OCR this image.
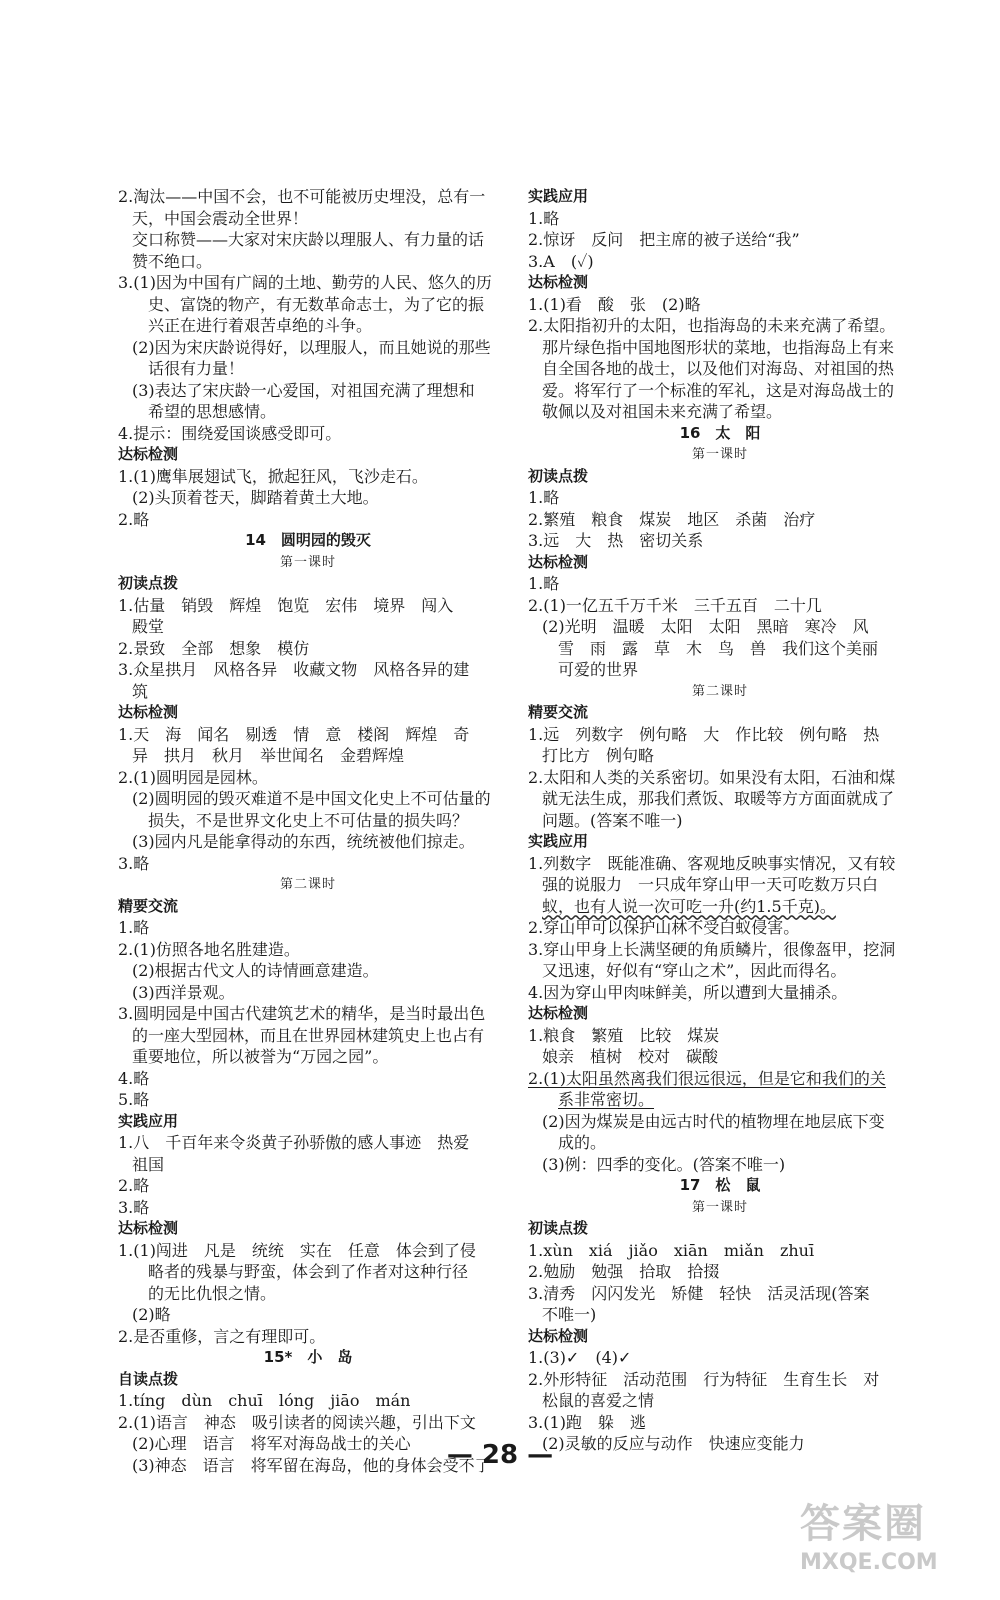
2.淘汰——中国不会，也不可能被历史埋没，总有一
天，中国会震动全世界！
交口称赞——大家对宋庆龄以理服人、有力量的话
赞不绝口。
3.(1)因为中国有广阔的土地、勤劳的人民、悠久的历
史、富饶的物产，有无数革命志士，为了它的振
兴正在进行着艰苦卓绝的斗争。
(2)因为宋庆龄说得好，以理服人，而且她说的那些
话很有力量！
(3)表达了宋庆龄一心爱国，对祖国充满了理想和
希望的思想感情。
4.提示：围绕爱国谈感受即可。
达标检测
1.(1)鹰隼展翅试飞，掀起狂风，飞沙走石。
(2)头顶着苍天，脚踏着黄土大地。
2.略
14　圆明园的毁灭
第一课时
初读点拨
1.估量　销毁　辉煌　饱览　宏伟　境界　闯入
殿堂
2.景致　全部　想象　模仿
3.众星拱月　风格各异　收藏文物　风格各异的建
筑
达标检测
1.天　海　闻名　剔透　情　意　楼阁　辉煌　奇
异　拱月　秋月　举世闻名　金碧辉煌
2.(1)圆明园是园林。
(2)圆明园的毁灭难道不是中国文化史上不可估量的
损失，不是世界文化史上不可估量的损失吗？
(3)园内凡是能拿得动的东西，统统被他们掠走。
3.略
第二课时
精要交流
1.略
2.(1)仿照各地名胜建造。
(2)根据古代文人的诗情画意建造。
(3)西洋景观。
3.圆明园是中国古代建筑艺术的精华，是当时最出色
的一座大型园林，而且在世界园林建筑史上也占有
重要地位，所以被誉为“万园之园”。
4.略
5.略
实践应用
1.八　千百年来令炎黄子孙骄傲的感人事迹　热爱
祖国
2.略
3.略
达标检测
1.(1)闯进　凡是　统统　实在　任意　体会到了侵
略者的残暴与野蛮，体会到了作者对这种行径
的无比仇恨之情。
(2)略
2.是否重修，言之有理即可。
15*　小　岛
自读点拨
1.tíng　dùn　chuī　lóng　jiāo　mán
2.(1)语言　神态　吸引读者的阅读兴趣，引出下文
(2)心理　语言　将军对海岛战士的关心
(3)神态　语言　将军留在海岛，他的身体会受不了
实践应用
1.略
2.惊讶　反问　把主席的被子送给“我”
3.A　(✓)
达标检测
1.(1)看　酸　张　(2)略
2.太阳指初升的太阳，也指海岛的未来充满了希望。
那片绿色指中国地图形状的菜地，也指海岛上有来
自全国各地的战士，以及他们对海岛、对祖国的热
爱。将军行了一个标准的军礼，这是对海岛战士的
敬佩以及对祖国未来充满了希望。
16　太　阳
第一课时
初读点拨
1.略
2.繁殖　粮食　煤炭　地区　杀菌　治疗
3.远　大　热　密切关系
达标检测
1.略
2.(1)一亿五千万千米　三千五百　二十几
(2)光明　温暖　太阳　太阳　黑暗　寒冷　风
雪　雨　露　草　木　鸟　兽　我们这个美丽
可爱的世界
第二课时
精要交流
1.远　列数字　例句略　大　作比较　例句略　热
打比方　例句略
2.太阳和人类的关系密切。如果没有太阳，石油和煤
就无法生成，那我们煮饭、取暖等方方面面就成了
问题。(答案不唯一)
实践应用
1.列数字　既能准确、客观地反映事实情况，又有较
强的说服力　一只成年穿山甲一天可吃数万只白
蚁，也有人说一次可吃一升(约1.5千克)。
2.穿山甲可以保护山林不受白蚁侵害。
3.穿山甲身上长满坚硬的角质鳞片，很像盔甲，挖洞
又迅速，好似有“穿山之术”，因此而得名。
4.因为穿山甲肉味鲜美，所以遭到大量捕杀。
达标检测
1.粮食　繁殖　比较　煤炭
娘亲　植树　校对　碳酸
2.(1)太阳虽然离我们很远很远，但是它和我们的关
系非常密切。
(2)因为煤炭是由远古时代的植物埋在地层底下变
成的。
(3)例：四季的变化。(答案不唯一)
17　松　鼠
第一课时
初读点拨
1.xùn　xiá　jiǎo　xiān　miǎn　zhuī
2.勉励　勉强　拾取　拾掇
3.清秀　闪闪发光　矫健　轻快　活灵活现(答案
不唯一)
达标检测
1.(3)✓　(4)✓
2.外形特征　活动范围　行为特征　生育生长　对
松鼠的喜爱之情
3.(1)跑　躲　逃
(2)灵敏的反应与动作　快速应变能力
— 28 —
答案圈
MXQE.COM
